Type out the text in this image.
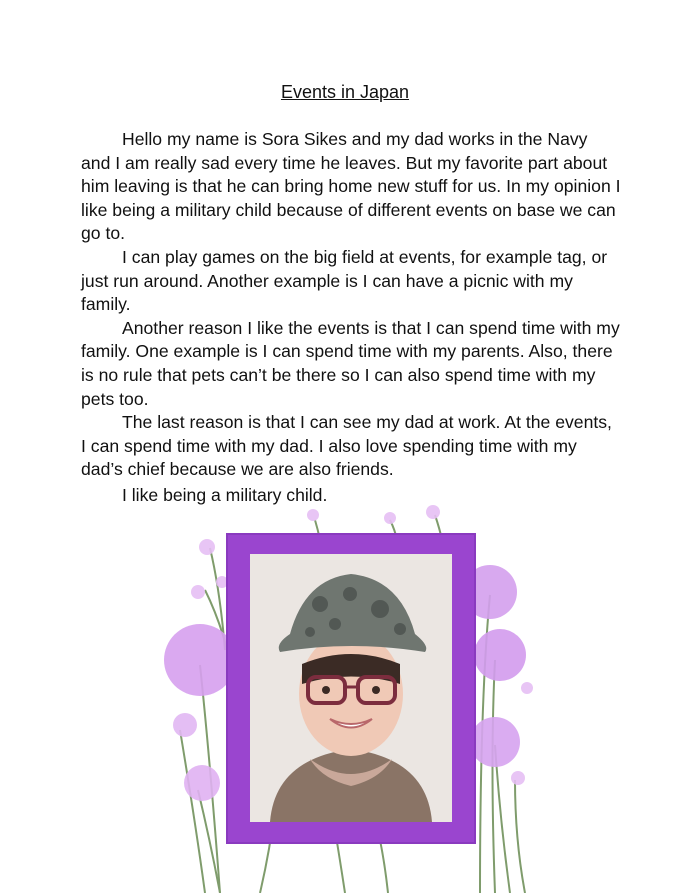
Events in Japan

Hello my name is Sora Sikes and my dad works in the Navy and I am really sad every time he leaves. But my favorite part about him leaving is that he can bring home new stuff for us. In my opinion I like being a military child because of different events on base we can go to.

I can play games on the big field at events, for example tag, or just run around. Another example is I can have a picnic with my family.

Another reason I like the events is that I can spend time with my family. One example is I can spend time with my parents. Also, there is no rule that pets can’t be there so I can also spend time with my pets too.

The last reason is that I can see my dad at work. At the events, I can spend time with my dad. I also love spending time with my dad’s chief because we are also friends.

I like being a military child.
